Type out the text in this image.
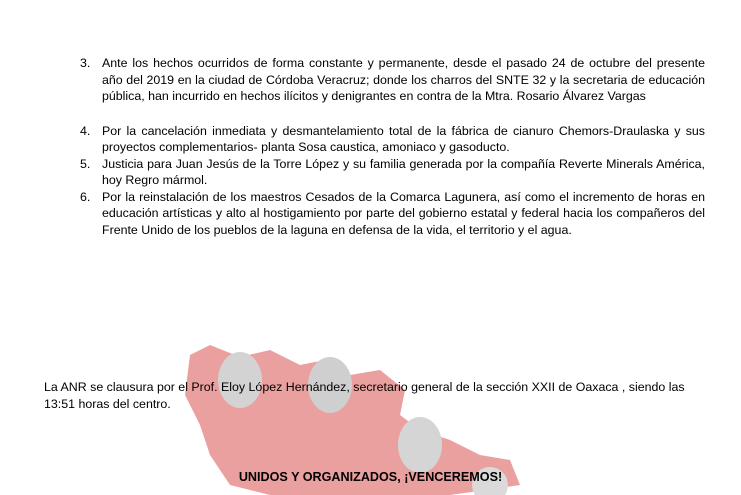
3. Ante los hechos ocurridos de forma constante y permanente, desde el pasado 24 de octubre del presente año del 2019 en la ciudad de Córdoba Veracruz; donde los charros del SNTE 32 y la secretaria de educación pública, han incurrido en hechos ilícitos y denigrantes en contra de la Mtra. Rosario Álvarez Vargas
4. Por la cancelación inmediata y desmantelamiento total de la fábrica de cianuro Chemors-Draulaska y sus proyectos complementarios- planta Sosa caustica, amoniaco y gasoducto.
5. Justicia para Juan Jesús de la Torre López y su familia generada por la compañía Reverte Minerals América, hoy Regro mármol.
6. Por la reinstalación de los maestros Cesados de la Comarca Lagunera, así como el incremento de horas en educación artísticas y alto al hostigamiento por parte del gobierno estatal y federal hacia los compañeros del Frente Unido de los pueblos de la laguna en defensa de la vida, el territorio y el agua.

La ANR se clausura por el Prof. Eloy López Hernández, secretario general de la sección XXII de Oaxaca , siendo las 13:51 horas del centro.

UNIDOS Y ORGANIZADOS, ¡VENCEREMOS!
